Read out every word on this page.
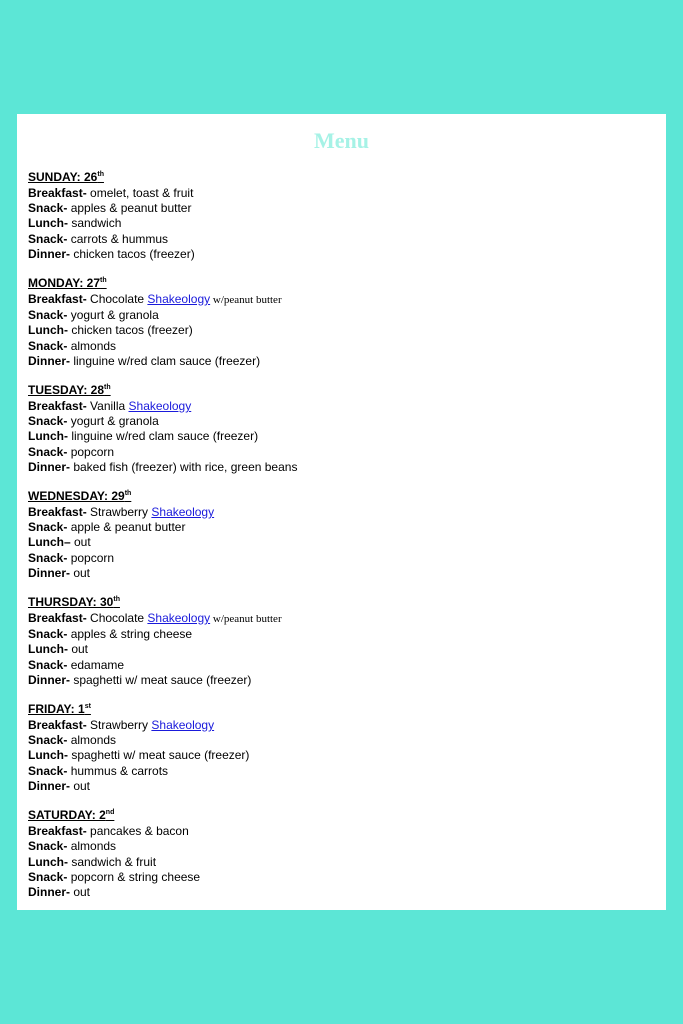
Menu
SUNDAY: 26th
Breakfast- omelet, toast & fruit
Snack- apples & peanut butter
Lunch- sandwich
Snack- carrots & hummus
Dinner- chicken tacos (freezer)
MONDAY: 27th
Breakfast- Chocolate Shakeology w/peanut butter
Snack- yogurt & granola
Lunch- chicken tacos (freezer)
Snack- almonds
Dinner- linguine w/red clam sauce (freezer)
TUESDAY: 28th
Breakfast- Vanilla Shakeology
Snack- yogurt & granola
Lunch- linguine w/red clam sauce (freezer)
Snack- popcorn
Dinner- baked fish (freezer) with rice, green beans
WEDNESDAY: 29th
Breakfast- Strawberry Shakeology
Snack- apple & peanut butter
Lunch– out
Snack- popcorn
Dinner- out
THURSDAY: 30th
Breakfast- Chocolate Shakeology w/peanut butter
Snack- apples & string cheese
Lunch- out
Snack- edamame
Dinner- spaghetti w/ meat sauce (freezer)
FRIDAY: 1st
Breakfast- Strawberry Shakeology
Snack- almonds
Lunch- spaghetti w/ meat sauce (freezer)
Snack- hummus & carrots
Dinner- out
SATURDAY: 2nd
Breakfast- pancakes & bacon
Snack- almonds
Lunch- sandwich & fruit
Snack- popcorn & string cheese
Dinner- out
